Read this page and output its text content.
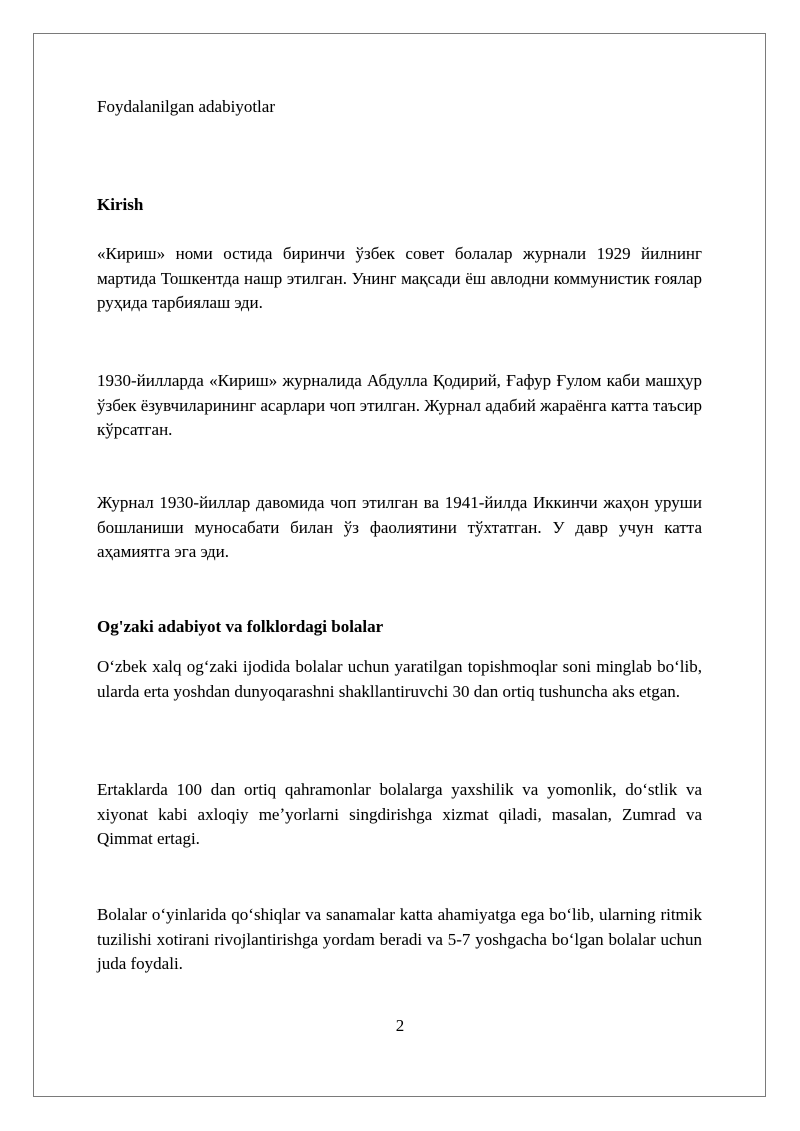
Foydalanilgan adabiyotlar

Kirish

«Кириш» номи остида биринчи ўзбек совет болалар журнали 1929 йилнинг мартида Тошкентда нашр этилган. Унинг мақсади ёш авлодни коммунистик ғоялар руҳида тарбиялаш эди.

1930-йилларда «Кириш» журналида Абдулла Қодирий, Ғафур Ғулом каби машҳур ўзбек ёзувчиларининг асарлари чоп этилган. Журнал адабий жараёнга катта таъсир кўрсатган.

Журнал 1930-йиллар давомида чоп этилган ва 1941-йилда Иккинчи жаҳон уруши бошланиши муносабати билан ўз фаолиятини тўхтатган. У давр учун катта аҳамиятга эга эди.

Og'zaki adabiyot va folklordagi bolalar

Oʻzbek xalq ogʻzaki ijodida bolalar uchun yaratilgan topishmoqlar soni minglab boʻlib, ularda erta yoshdan dunyoqarashni shakllantiruvchi 30 dan ortiq tushuncha aks etgan.

Ertaklarda 100 dan ortiq qahramonlar bolalarga yaxshilik va yomonlik, doʻstlik va xiyonat kabi axloqiy meʼyorlarni singdirishga xizmat qiladi, masalan, Zumrad va Qimmat ertagi.

Bolalar oʻyinlarida qoʻshiqlar va sanamalar katta ahamiyatga ega boʻlib, ularning ritmik tuzilishi xotirani rivojlantirishga yordam beradi va 5-7 yoshgacha boʻlgan bolalar uchun juda foydali.

2
